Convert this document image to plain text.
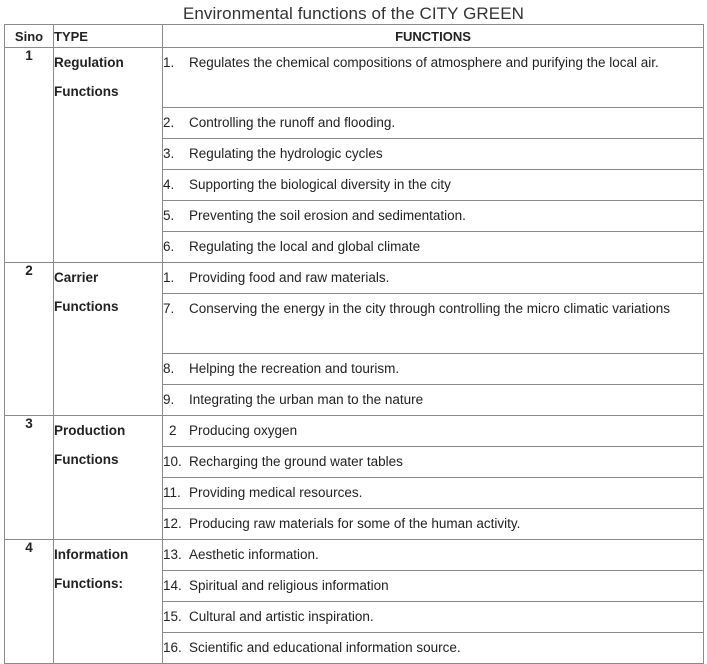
Environmental functions of the CITY GREEN
Sino	TYPE	FUNCTIONS
1	Regulation Functions	1. Regulates the chemical compositions of atmosphere and purifying the local air.

		2. Controlling the runoff and flooding.

		3. Regulating the hydrologic cycles

		4. Supporting the biological diversity in the city

		5. Preventing the soil erosion and sedimentation.

		6. Regulating the local and global climate

2	Carrier Functions	1. Providing food and raw materials.

		7. Conserving the energy in the city through controlling the micro climatic variations

		8. Helping the recreation and tourism.

		9. Integrating the urban man to the nature

3	Production Functions	2 Producing oxygen

		10. Recharging the ground water tables

		11. Providing medical resources.

		12. Producing raw materials for some of the human activity.

4	Information Functions:	13. Aesthetic information.

		14. Spiritual and religious information

		15. Cultural and artistic inspiration.

		16. Scientific and educational information source.
